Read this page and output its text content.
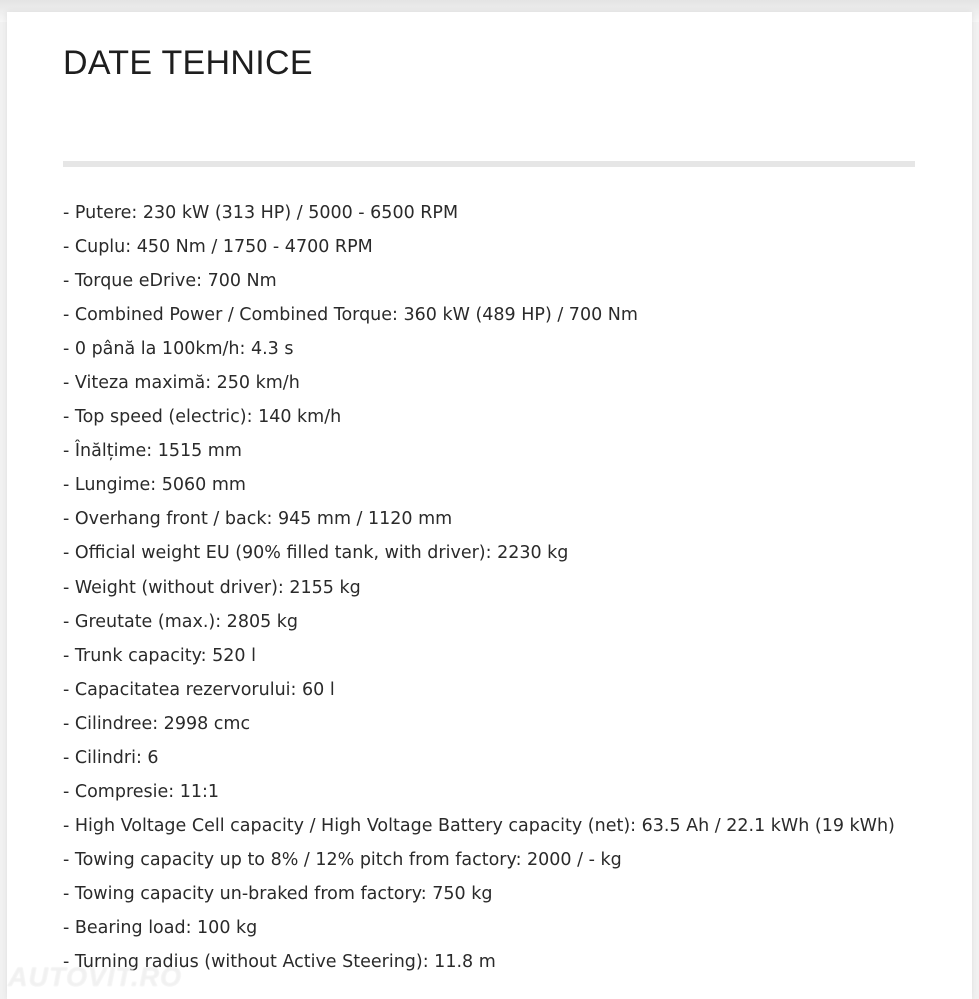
DATE TEHNICE
- Putere: 230 kW (313 HP) / 5000 - 6500 RPM
- Cuplu: 450 Nm / 1750 - 4700 RPM
- Torque eDrive: 700 Nm
- Combined Power / Combined Torque: 360 kW (489 HP) / 700 Nm
- 0 până la 100km/h: 4.3 s
- Viteza maximă: 250 km/h
- Top speed (electric): 140 km/h
- Înălțime: 1515 mm
- Lungime: 5060 mm
- Overhang front / back: 945 mm / 1120 mm
- Official weight EU (90% filled tank, with driver): 2230 kg
- Weight (without driver): 2155 kg
- Greutate (max.): 2805 kg
- Trunk capacity: 520 l
- Capacitatea rezervorului: 60 l
- Cilindree: 2998 cmc
- Cilindri: 6
- Compresie: 11:1
- High Voltage Cell capacity / High Voltage Battery capacity (net): 63.5 Ah / 22.1 kWh (19 kWh)
- Towing capacity up to 8% / 12% pitch from factory: 2000 / - kg
- Towing capacity un-braked from factory: 750 kg
- Bearing load: 100 kg
- Turning radius (without Active Steering): 11.8 m
AUTOVIT.RO
